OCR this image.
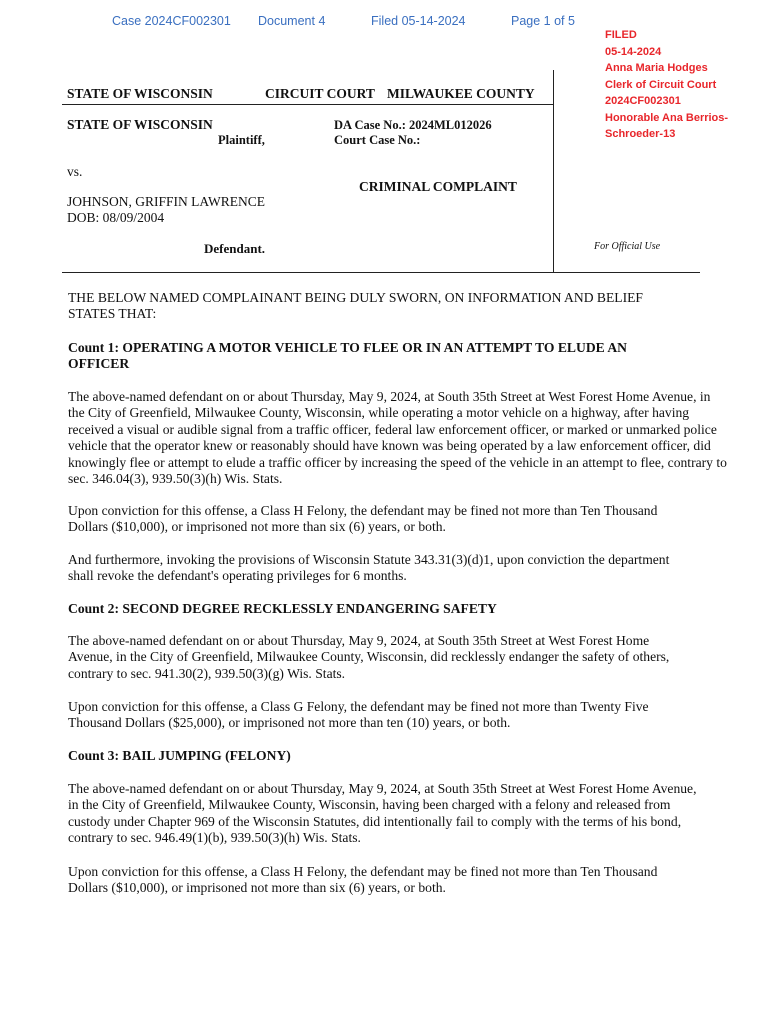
Case 2024CF002301 Document 4	Filed 05-14-2024	Page 1 of 5
FILED
05-14-2024
Anna Maria Hodges
Clerk of Circuit Court
2024CF002301
Honorable Ana Berrios-Schroeder-13
STATE OF WISCONSIN	CIRCUIT COURT MILWAUKEE COUNTY
STATE OF WISCONSIN
Plaintiff,
DA Case No.: 2024ML012026
Court Case No.:
vs.
CRIMINAL COMPLAINT
JOHNSON, GRIFFIN LAWRENCE
DOB: 08/09/2004
Defendant.	For Official Use
THE BELOW NAMED COMPLAINANT BEING DULY SWORN, ON INFORMATION AND BELIEF STATES THAT:
Count 1: OPERATING A MOTOR VEHICLE TO FLEE OR IN AN ATTEMPT TO ELUDE AN OFFICER
The above-named defendant on or about Thursday, May 9, 2024, at South 35th Street at West Forest Home Avenue, in the City of Greenfield, Milwaukee County, Wisconsin, while operating a motor vehicle on a highway, after having received a visual or audible signal from a traffic officer, federal law enforcement officer, or marked or unmarked police vehicle that the operator knew or reasonably should have known was being operated by a law enforcement officer, did knowingly flee or attempt to elude a traffic officer by increasing the speed of the vehicle in an attempt to flee, contrary to sec. 346.04(3), 939.50(3)(h) Wis. Stats.
Upon conviction for this offense, a Class H Felony, the defendant may be fined not more than Ten Thousand Dollars ($10,000), or imprisoned not more than six (6) years, or both.
And furthermore, invoking the provisions of Wisconsin Statute 343.31(3)(d)1, upon conviction the department shall revoke the defendant's operating privileges for 6 months.
Count 2: SECOND DEGREE RECKLESSLY ENDANGERING SAFETY
The above-named defendant on or about Thursday, May 9, 2024, at South 35th Street at West Forest Home Avenue, in the City of Greenfield, Milwaukee County, Wisconsin, did recklessly endanger the safety of others, contrary to sec. 941.30(2), 939.50(3)(g) Wis. Stats.
Upon conviction for this offense, a Class G Felony, the defendant may be fined not more than Twenty Five Thousand Dollars ($25,000), or imprisoned not more than ten (10) years, or both.
Count 3: BAIL JUMPING (FELONY)
The above-named defendant on or about Thursday, May 9, 2024, at South 35th Street at West Forest Home Avenue, in the City of Greenfield, Milwaukee County, Wisconsin, having been charged with a felony and released from custody under Chapter 969 of the Wisconsin Statutes, did intentionally fail to comply with the terms of his bond, contrary to sec. 946.49(1)(b), 939.50(3)(h) Wis. Stats.
Upon conviction for this offense, a Class H Felony, the defendant may be fined not more than Ten Thousand Dollars ($10,000), or imprisoned not more than six (6) years, or both.
